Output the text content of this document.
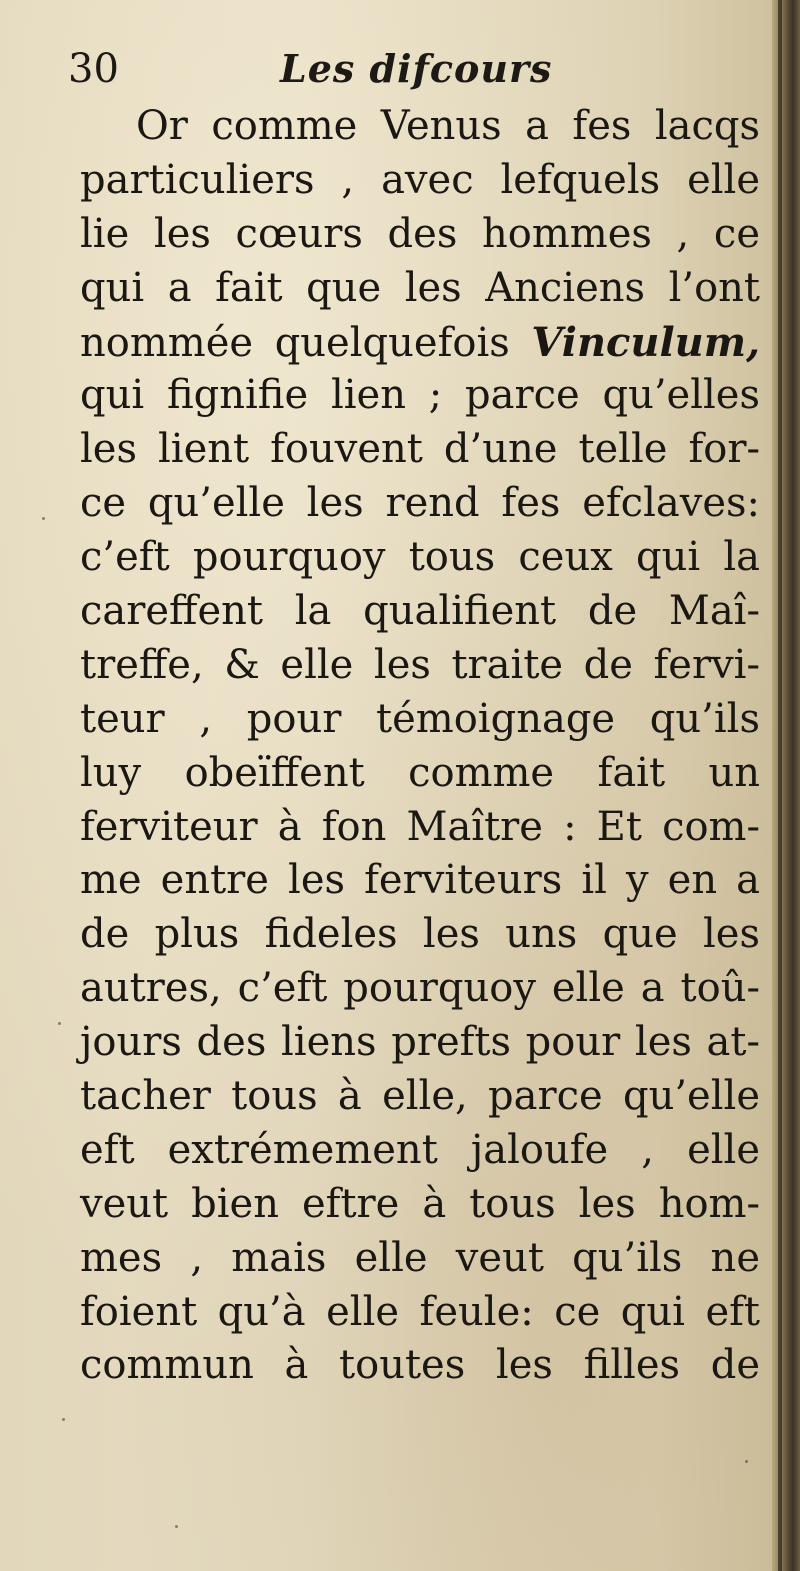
30	Les difcours
Or comme Venus a fes lacqs
particuliers , avec lefquels elle
lie les cœurs des hommes , ce
qui a fait que les Anciens l’ont
nommée quelquefois Vinculum,
qui fignifie lien ; parce qu’elles
les lient fouvent d’une telle for-
ce qu’elle les rend fes efclaves:
c’eft pourquoy tous ceux qui la
careffent la qualifient de Maî-
treffe, & elle les traite de fervi-
teur , pour témoignage qu’ils
luy obeïffent comme fait un
ferviteur à fon Maître : Et com-
me entre les ferviteurs il y en a
de plus fideles les uns que les
autres, c’eft pourquoy elle a toû-
jours des liens prefts pour les at-
tacher tous à elle, parce qu’elle
eft extrémement jaloufe , elle
veut bien eftre à tous les hom-
mes , mais elle veut qu’ils ne
foient qu’à elle feule: ce qui eft
commun à toutes les filles de
